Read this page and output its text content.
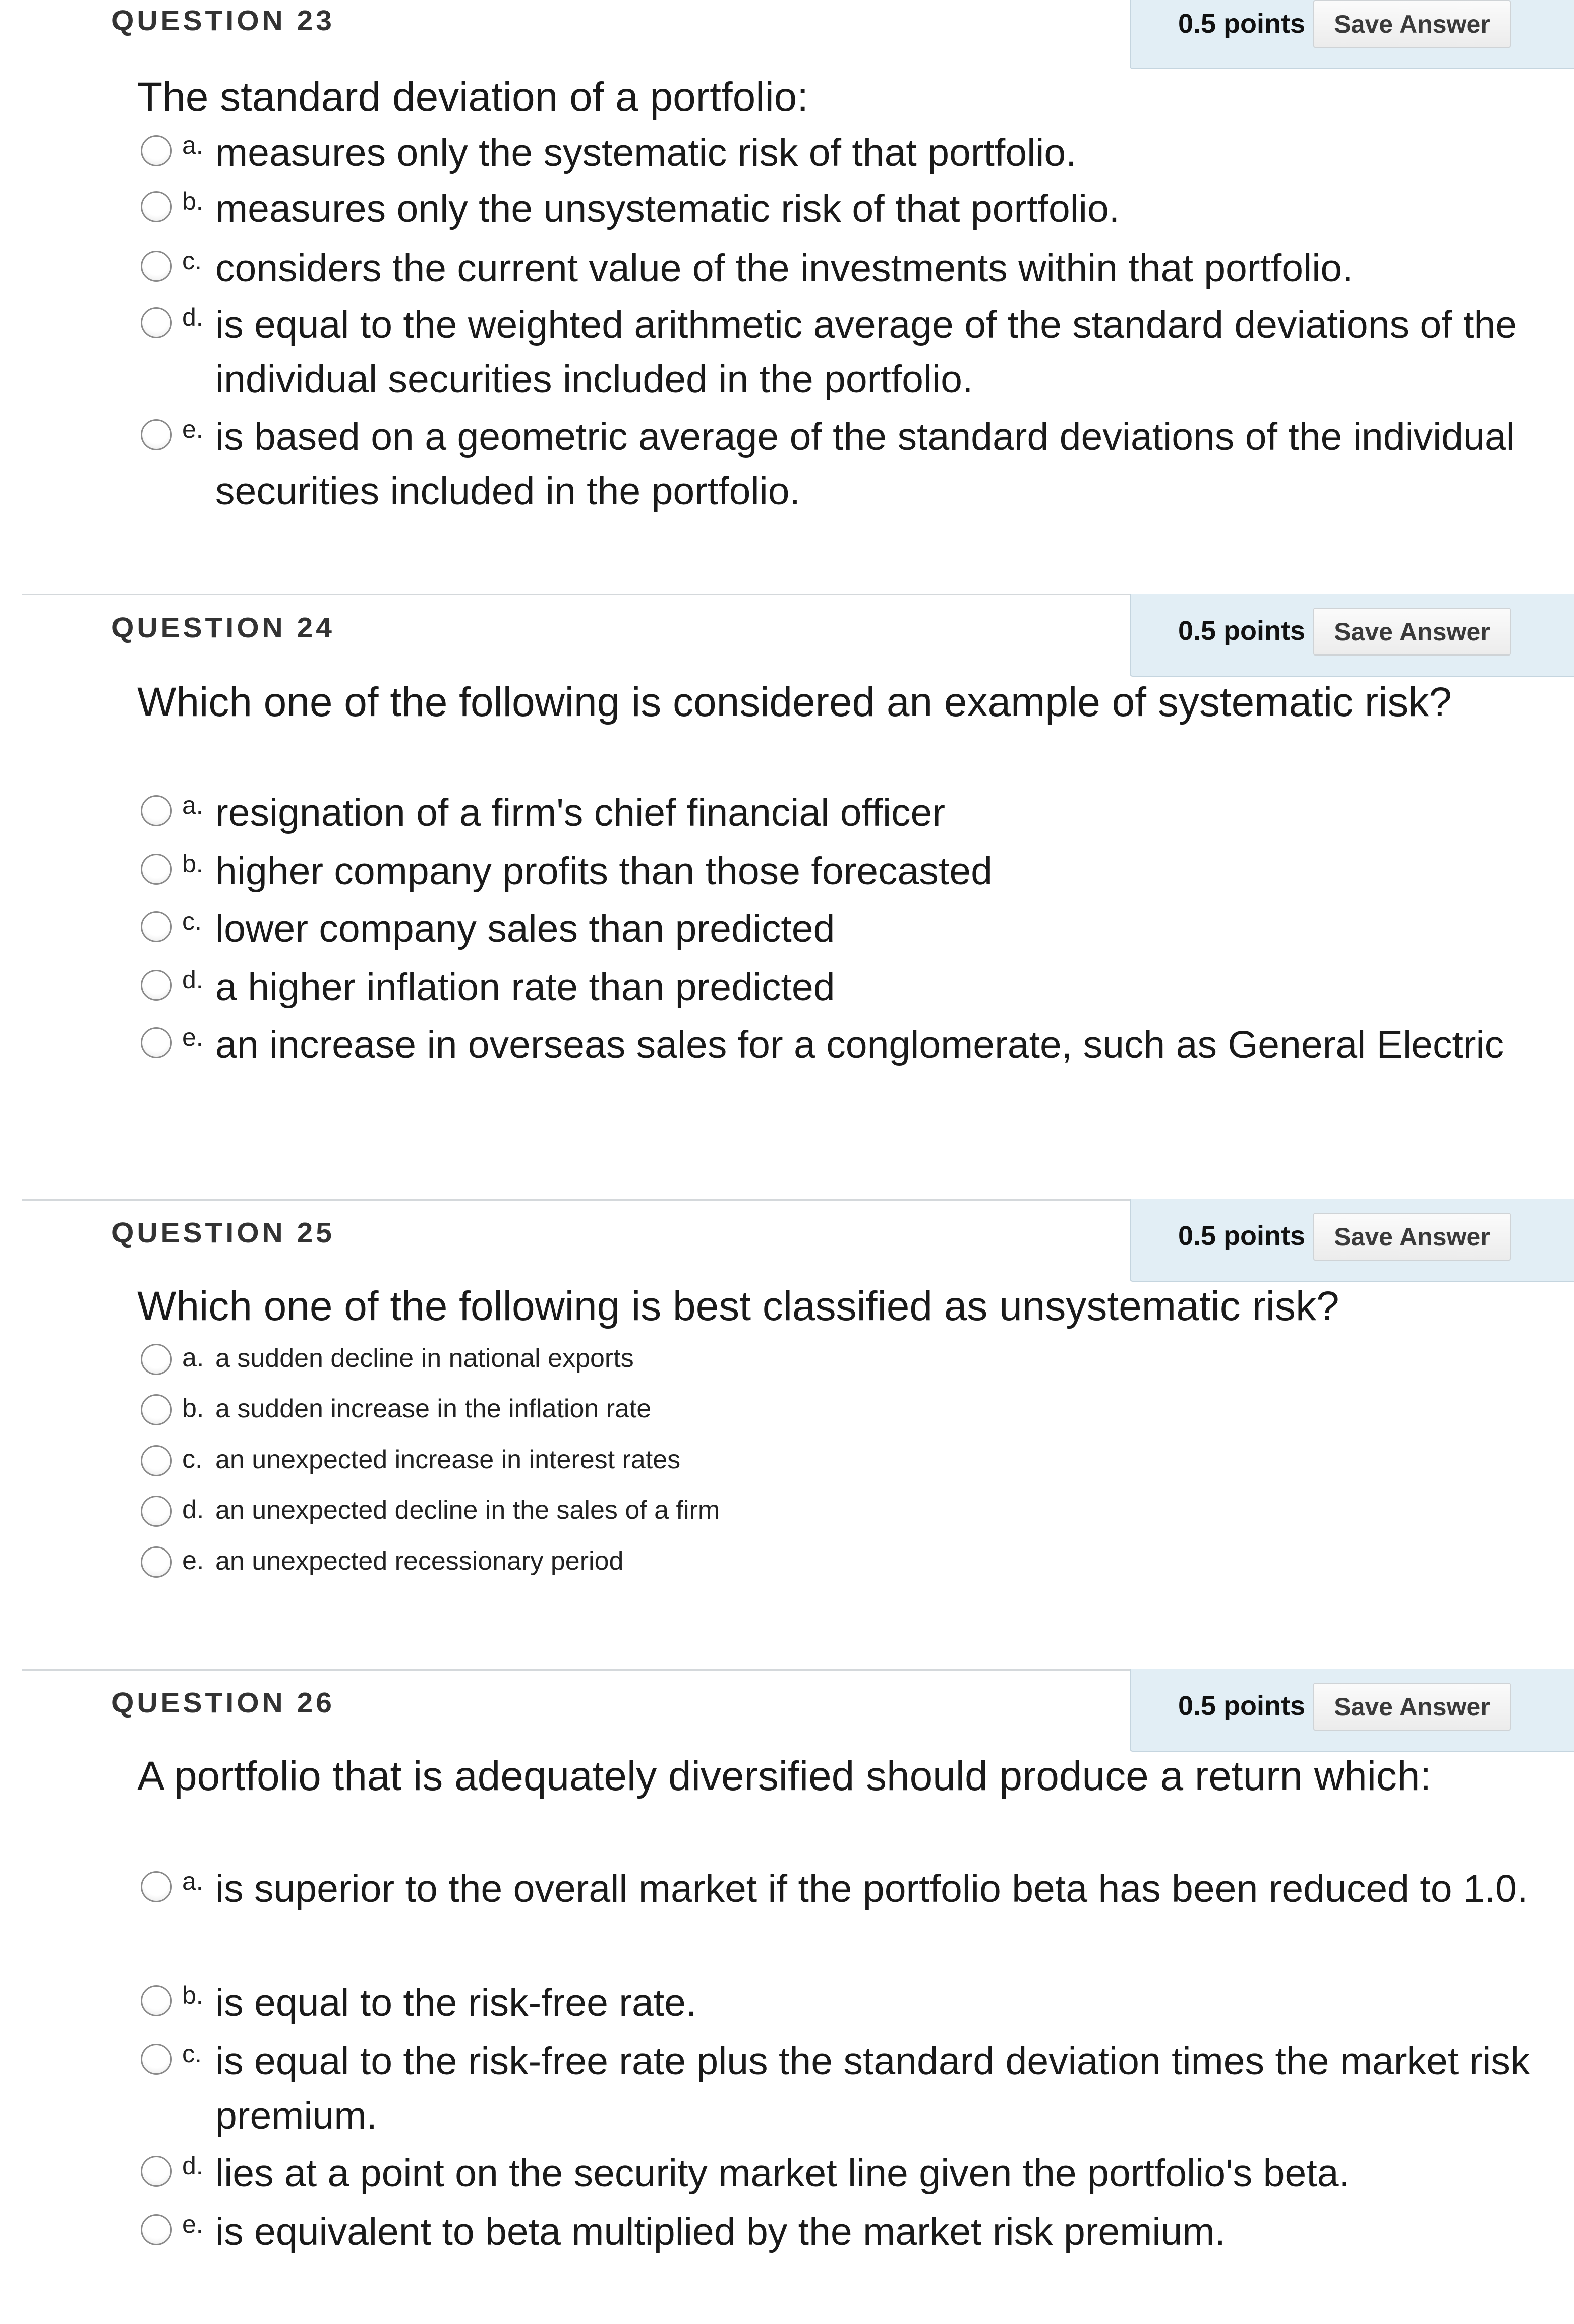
QUESTION 23	0.5 points	Save Answer
The standard deviation of a portfolio:
a. measures only the systematic risk of that portfolio.
b. measures only the unsystematic risk of that portfolio.
c. considers the current value of the investments within that portfolio.
d. is equal to the weighted arithmetic average of the standard deviations of the individual securities included in the portfolio.
e. is based on a geometric average of the standard deviations of the individual securities included in the portfolio.
QUESTION 24	0.5 points	Save Answer
Which one of the following is considered an example of systematic risk?
a. resignation of a firm's chief financial officer
b. higher company profits than those forecasted
c. lower company sales than predicted
d. a higher inflation rate than predicted
e. an increase in overseas sales for a conglomerate, such as General Electric
QUESTION 25	0.5 points	Save Answer
Which one of the following is best classified as unsystematic risk?
a. a sudden decline in national exports
b. a sudden increase in the inflation rate
c. an unexpected increase in interest rates
d. an unexpected decline in the sales of a firm
e. an unexpected recessionary period
QUESTION 26	0.5 points	Save Answer
A portfolio that is adequately diversified should produce a return which:
a. is superior to the overall market if the portfolio beta has been reduced to 1.0.
b. is equal to the risk-free rate.
c. is equal to the risk-free rate plus the standard deviation times the market risk premium.
d. lies at a point on the security market line given the portfolio's beta.
e. is equivalent to beta multiplied by the market risk premium.
